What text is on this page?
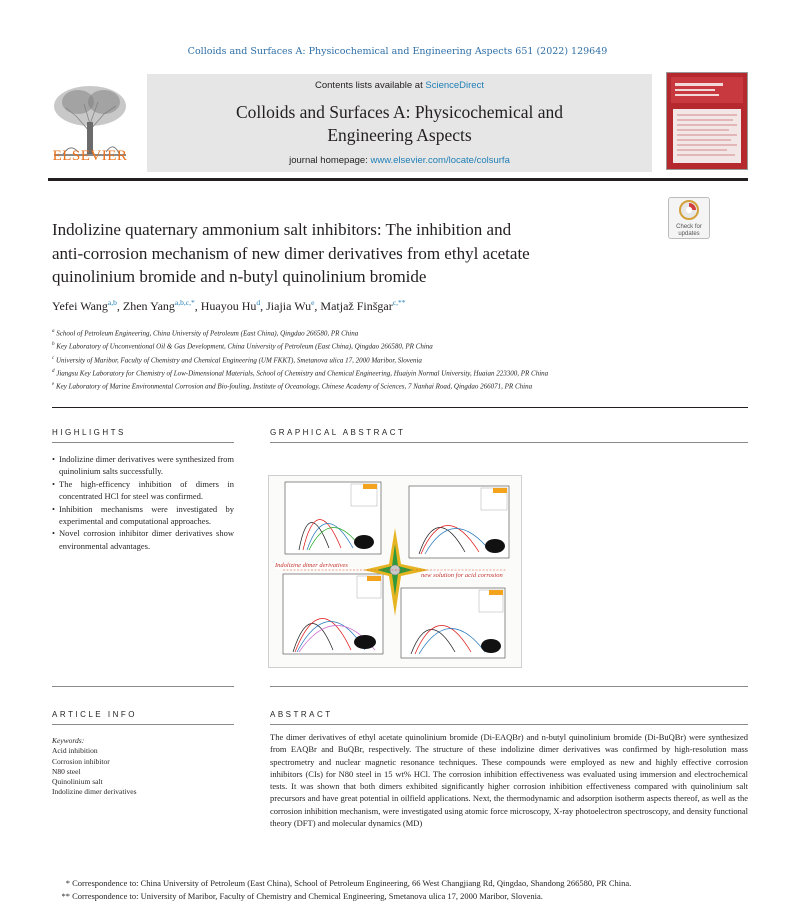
Colloids and Surfaces A: Physicochemical and Engineering Aspects 651 (2022) 129649
ELSEVIER
Contents lists available at ScienceDirect
Colloids and Surfaces A: Physicochemical and
Engineering Aspects
journal homepage: www.elsevier.com/locate/colsurfa
Check for
updates
Indolizine quaternary ammonium salt inhibitors: The inhibition and
anti-corrosion mechanism of new dimer derivatives from ethyl acetate
quinolinium bromide and n-butyl quinolinium bromide
Yefei Wang$^{a,b}$, Zhen Yang$^{a,b,c,*}$, Huayou Hu$^d$, Jiajia Wu$^e$, Matjaž Finšgar$^{c,**}$

$^a$ School of Petroleum Engineering, China University of Petroleum (East China), Qingdao 266580, PR China

$^b$ Key Laboratory of Unconventional Oil & Gas Development, China University of Petroleum (East China), Qingdao 266580, PR China

$^c$ University of Maribor, Faculty of Chemistry and Chemical Engineering (UM FKKT), Smetanova ulica 17, 2000 Maribor, Slovenia

$^d$ Jiangsu Key Laboratory for Chemistry of Low-Dimensional Materials, School of Chemistry and Chemical Engineering, Huaiyin Normal University, Huaian 223300, PR China

$^e$ Key Laboratory of Marine Environmental Corrosion and Bio-fouling, Institute of Oceanology, Chinese Academy of Sciences, 7 Nanhai Road, Qingdao 266071, PR China

HIGHLIGHTS
• Indolizine dimer derivatives were synthesized from quinolinium salts successfully.
• The high-efficency inhibition of dimers in concentrated HCl for steel was confirmed.
• Inhibition mechanisms were investigated by experimental and computational approaches.
• Novel corrosion inhibitor dimer derivatives show environmental advantages.
GRAPHICAL ABSTRACT
Indolizine dimer derivatives
new solution for acid corrosion
ARTICLE INFO
Keywords:
Acid inhibition
Corrosion inhibitor
N80 steel
Quinolinium salt
Indolizine dimer derivatives
ABSTRACT
The dimer derivatives of ethyl acetate quinolinium bromide (Di-EAQBr) and n-butyl quinolinium bromide (Di-BuQBr) were synthesized from EAQBr and BuQBr, respectively. The structure of these indolizine dimer derivatives was confirmed by high-resolution mass spectrometry and nuclear magnetic resonance techniques. These compounds were employed as new and highly effective corrosion inhibitors (CIs) for N80 steel in 15 wt% HCl. The corrosion inhibition effectiveness was evaluated using immersion and electrochemical tests. It was shown that both dimers exhibited significantly higher corrosion inhibition effectiveness compared with quinolinium salt precursors and have great potential in oilfield applications. Next, the thermodynamic and adsorption isotherm aspects thereof, as well as the corrosion inhibition mechanism, were investigated using atomic force microscopy, X-ray photoelectron spectroscopy, and density functional theory (DFT) and molecular dynamics (MD)

* Correspondence to: China University of Petroleum (East China), School of Petroleum Engineering, 66 West Changjiang Rd, Qingdao, Shandong 266580, PR China.

** Correspondence to: University of Maribor, Faculty of Chemistry and Chemical Engineering, Smetanova ulica 17, 2000 Maribor, Slovenia.
